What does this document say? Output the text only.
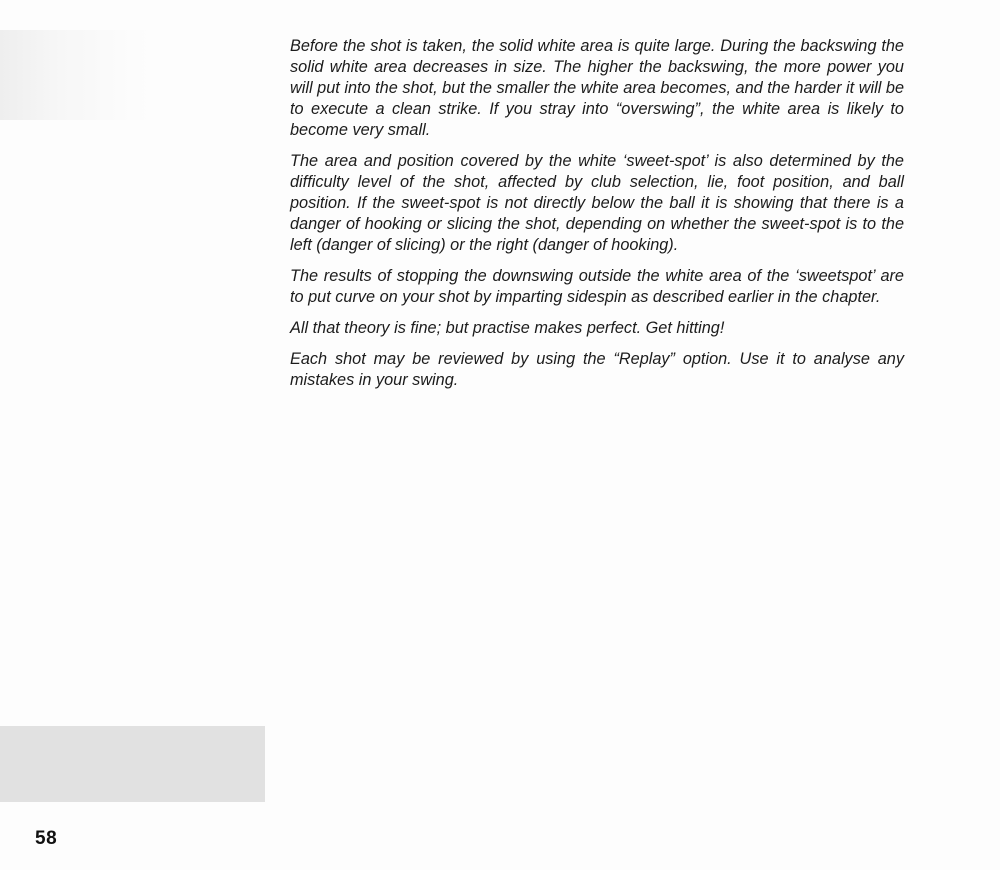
Before the shot is taken, the solid white area is quite large. During the backswing the solid white area decreases in size. The higher the backswing, the more power you will put into the shot, but the smaller the white area becomes, and the harder it will be to execute a clean strike. If you stray into “overswing”, the white area is likely to become very small.

The area and position covered by the white ‘sweet-spot’ is also determined by the difficulty level of the shot, affected by club selection, lie, foot position, and ball position. If the sweet-spot is not directly below the ball it is showing that there is a danger of hooking or slicing the shot, depending on whether the sweet-spot is to the left (danger of slicing) or the right (danger of hooking).

The results of stopping the downswing outside the white area of the ‘sweetspot’ are to put curve on your shot by imparting sidespin as described earlier in the chapter.

All that theory is fine; but practise makes perfect. Get hitting!

Each shot may be reviewed by using the “Replay” option. Use it to analyse any mistakes in your swing.

58
